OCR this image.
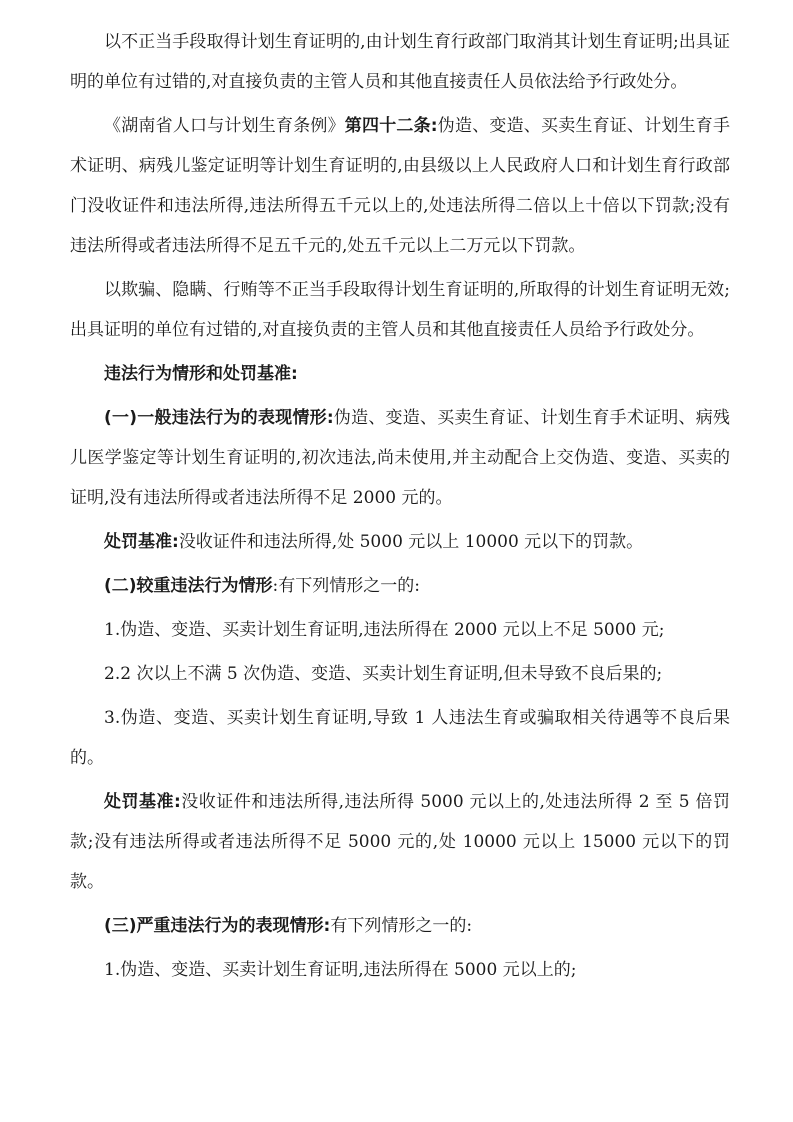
以不正当手段取得计划生育证明的,由计划生育行政部门取消其计划生育证明;出具证明的单位有过错的,对直接负责的主管人员和其他直接责任人员依法给予行政处分。

《湖南省人口与计划生育条例》第四十二条:伪造、变造、买卖生育证、计划生育手术证明、病残儿鉴定证明等计划生育证明的,由县级以上人民政府人口和计划生育行政部门没收证件和违法所得,违法所得五千元以上的,处违法所得二倍以上十倍以下罚款;没有违法所得或者违法所得不足五千元的,处五千元以上二万元以下罚款。

以欺骗、隐瞒、行贿等不正当手段取得计划生育证明的,所取得的计划生育证明无效;出具证明的单位有过错的,对直接负责的主管人员和其他直接责任人员给予行政处分。

违法行为情形和处罚基准:

(一)一般违法行为的表现情形:伪造、变造、买卖生育证、计划生育手术证明、病残儿医学鉴定等计划生育证明的,初次违法,尚未使用,并主动配合上交伪造、变造、买卖的证明,没有违法所得或者违法所得不足 2000 元的。

处罚基准:没收证件和违法所得,处 5000 元以上 10000 元以下的罚款。

(二)较重违法行为情形:有下列情形之一的:

1.伪造、变造、买卖计划生育证明,违法所得在 2000 元以上不足 5000 元;

2.2 次以上不满 5 次伪造、变造、买卖计划生育证明,但未导致不良后果的;

3.伪造、变造、买卖计划生育证明,导致 1 人违法生育或骗取相关待遇等不良后果的。

处罚基准:没收证件和违法所得,违法所得 5000 元以上的,处违法所得 2 至 5 倍罚款;没有违法所得或者违法所得不足 5000 元的,处 10000 元以上 15000 元以下的罚款。

(三)严重违法行为的表现情形:有下列情形之一的:

1.伪造、变造、买卖计划生育证明,违法所得在 5000 元以上的;
